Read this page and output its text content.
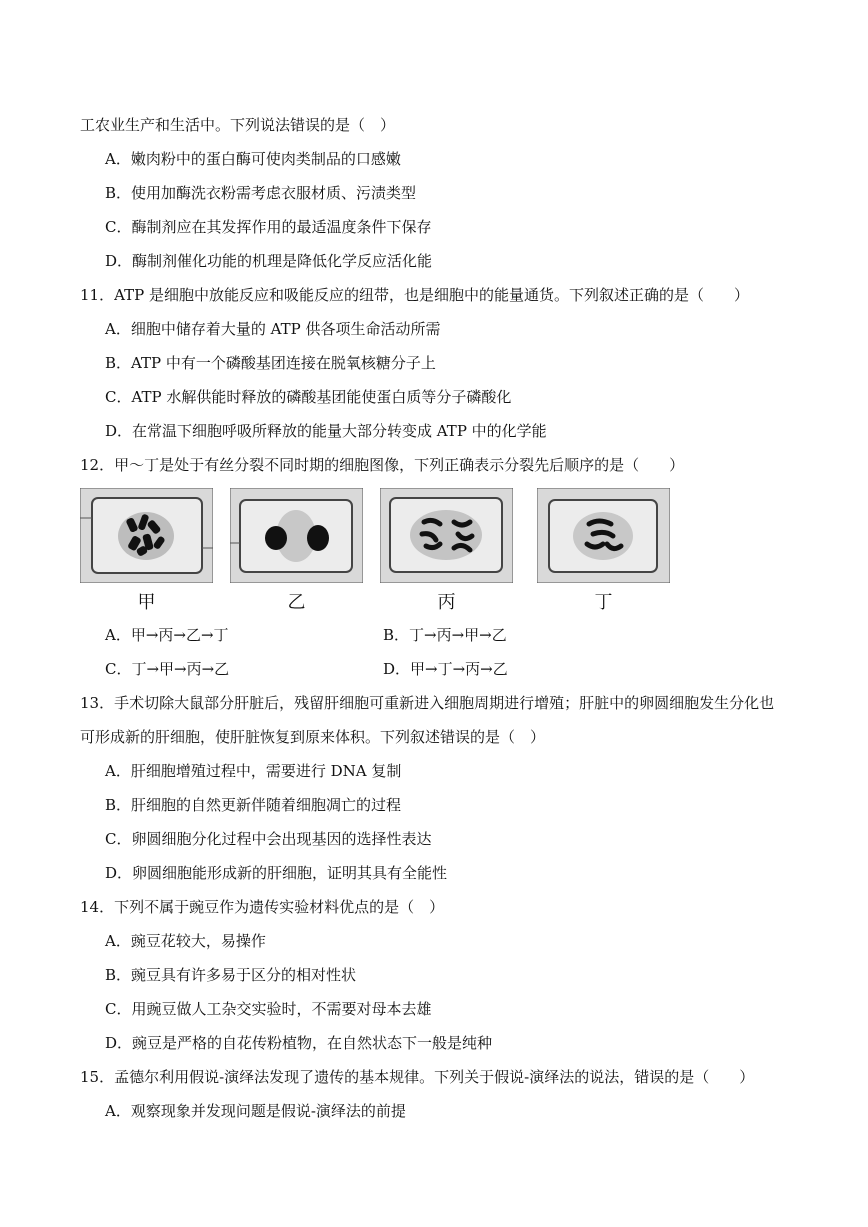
工农业生产和生活中。下列说法错误的是（　）
A．嫩肉粉中的蛋白酶可使肉类制品的口感嫩
B．使用加酶洗衣粉需考虑衣服材质、污渍类型
C．酶制剂应在其发挥作用的最适温度条件下保存
D．酶制剂催化功能的机理是降低化学反应活化能
11．ATP 是细胞中放能反应和吸能反应的纽带，也是细胞中的能量通货。下列叙述正确的是（　　）
A．细胞中储存着大量的 ATP 供各项生命活动所需
B．ATP 中有一个磷酸基团连接在脱氧核糖分子上
C．ATP 水解供能时释放的磷酸基团能使蛋白质等分子磷酸化
D．在常温下细胞呼吸所释放的能量大部分转变成 ATP 中的化学能
12．甲～丁是处于有丝分裂不同时期的细胞图像，下列正确表示分裂先后顺序的是（　　）
甲	乙	丙	丁
A．甲→丙→乙→丁	B．丁→丙→甲→乙
C．丁→甲→丙→乙	D．甲→丁→丙→乙
13．手术切除大鼠部分肝脏后，残留肝细胞可重新进入细胞周期进行增殖；肝脏中的卵圆细胞发生分化也
可形成新的肝细胞，使肝脏恢复到原来体积。下列叙述错误的是（　）
A．肝细胞增殖过程中，需要进行 DNA 复制
B．肝细胞的自然更新伴随着细胞凋亡的过程
C．卵圆细胞分化过程中会出现基因的选择性表达
D．卵圆细胞能形成新的肝细胞，证明其具有全能性
14．下列不属于豌豆作为遗传实验材料优点的是（　）
A．豌豆花较大，易操作
B．豌豆具有许多易于区分的相对性状
C．用豌豆做人工杂交实验时，不需要对母本去雄
D．豌豆是严格的自花传粉植物，在自然状态下一般是纯种
15．孟德尔利用假说-演绎法发现了遗传的基本规律。下列关于假说-演绎法的说法，错误的是（　　）
A．观察现象并发现问题是假说-演绎法的前提
